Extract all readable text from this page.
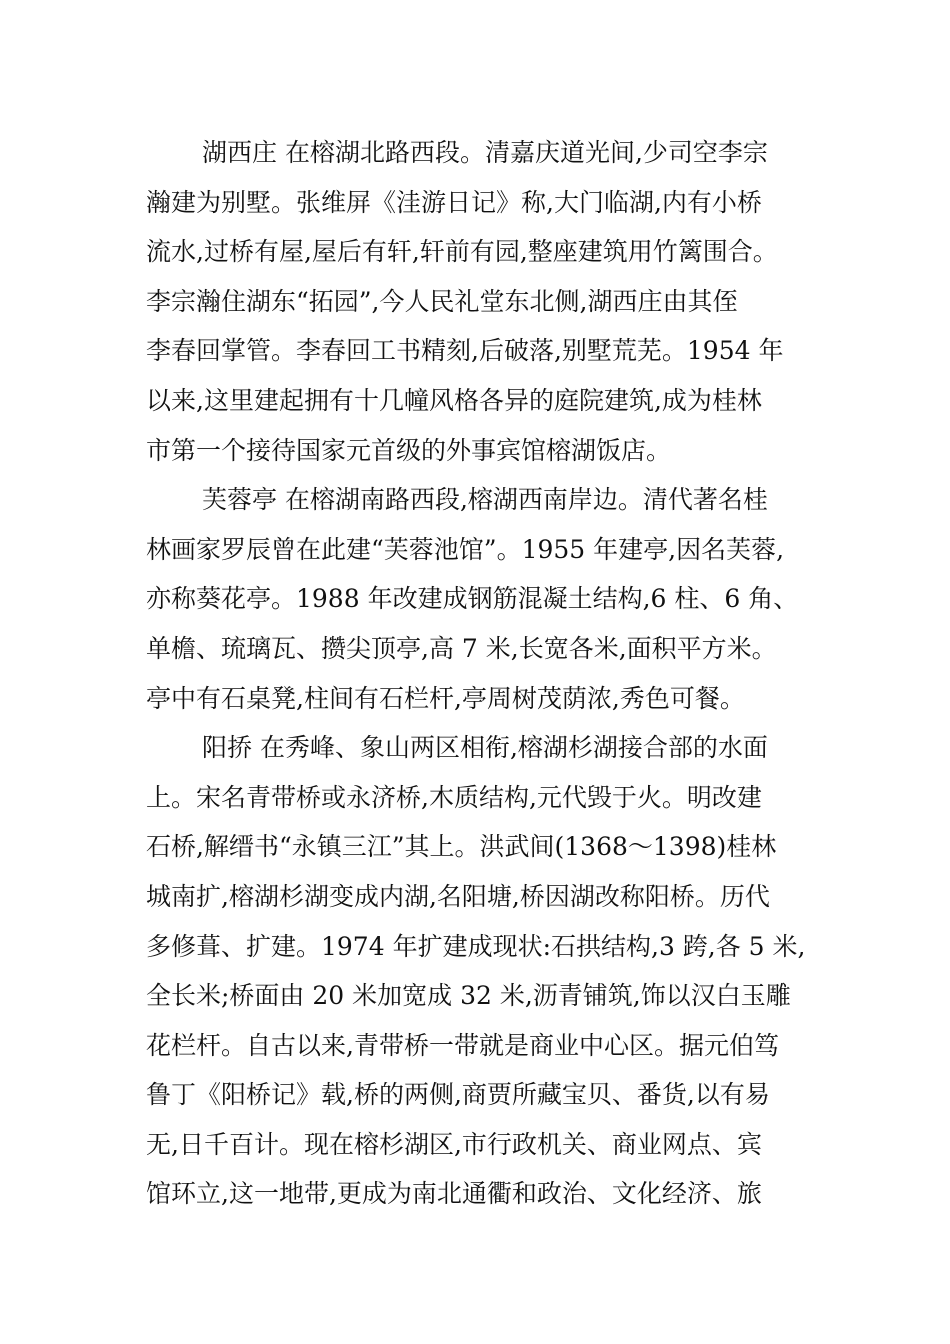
湖西庄 在榕湖北路西段。清嘉庆道光间,少司空李宗
瀚建为别墅。张维屏《洼游日记》称,大门临湖,内有小桥
流水,过桥有屋,屋后有轩,轩前有园,整座建筑用竹篱围合。
李宗瀚住湖东“拓园”,今人民礼堂东北侧,湖西庄由其侄
李春回掌管。李春回工书精刻,后破落,别墅荒芜。1954 年
以来,这里建起拥有十几幢风格各异的庭院建筑,成为桂林
市第一个接待国家元首级的外事宾馆榕湖饭店。
芙蓉亭 在榕湖南路西段,榕湖西南岸边。清代著名桂
林画家罗辰曾在此建“芙蓉池馆”。1955 年建亭,因名芙蓉,
亦称葵花亭。1988 年改建成钢筋混凝土结构,6 柱、6 角、
单檐、琉璃瓦、攒尖顶亭,高 7 米,长宽各米,面积平方米。
亭中有石桌凳,柱间有石栏杆,亭周树茂荫浓,秀色可餐。
阳挢 在秀峰、象山两区相衔,榕湖杉湖接合部的水面
上。宋名青带桥或永济桥,木质结构,元代毁于火。明改建
石桥,解缙书“永镇三江”其上。洪武间(1368～1398)桂林
城南扩,榕湖杉湖变成内湖,名阳塘,桥因湖改称阳桥。历代
多修葺、扩建。1974 年扩建成现状:石拱结构,3 跨,各 5 米,
全长米;桥面由 20 米加宽成 32 米,沥青铺筑,饰以汉白玉雕
花栏杆。自古以来,青带桥一带就是商业中心区。据元伯笃
鲁丁《阳桥记》载,桥的两侧,商贾所藏宝贝、番货,以有易
无,日千百计。现在榕杉湖区,市行政机关、商业网点、宾
馆环立,这一地带,更成为南北通衢和政治、文化经济、旅
